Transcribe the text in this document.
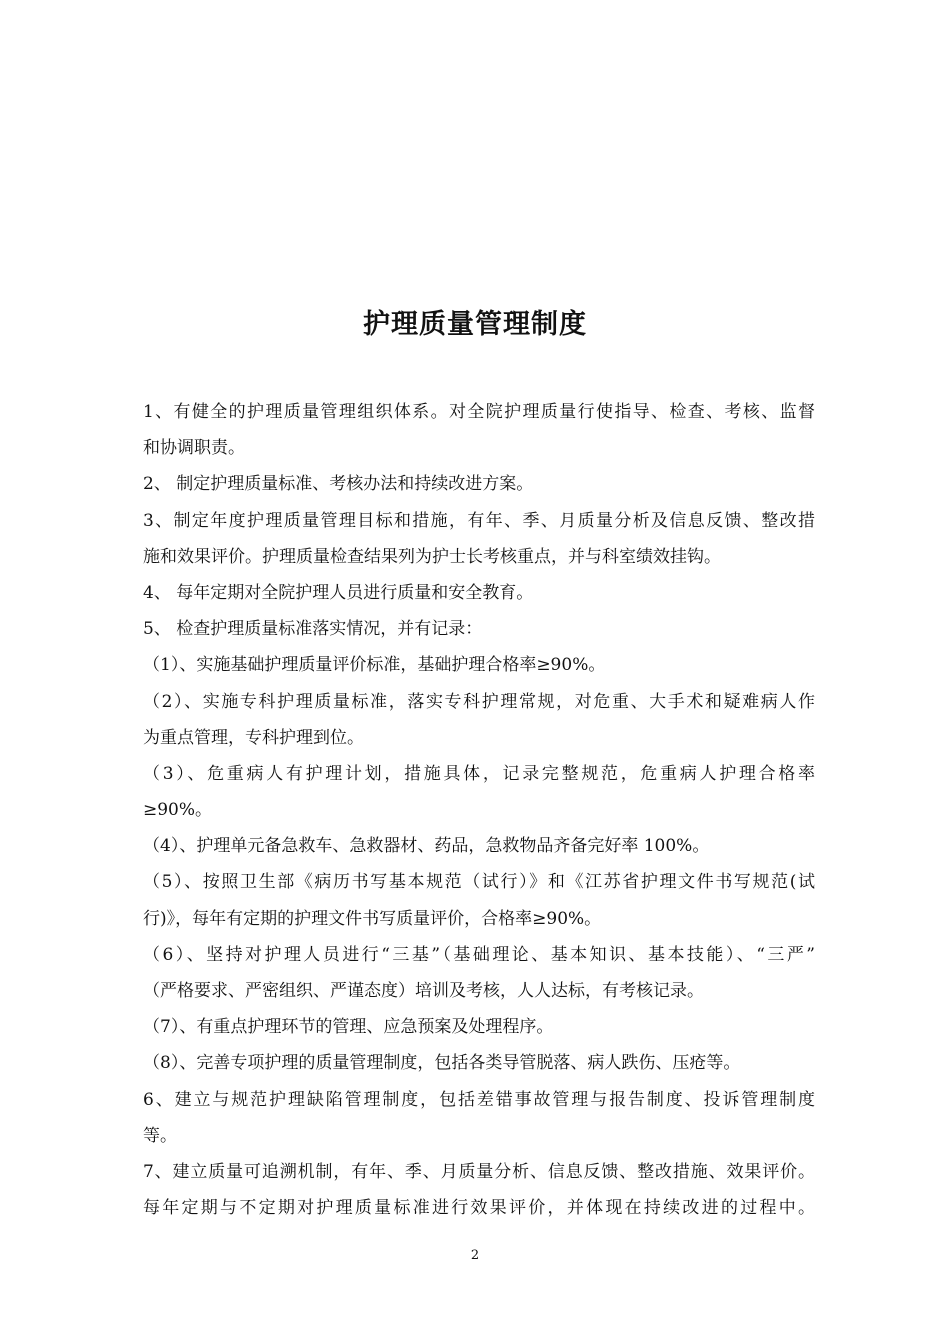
护理质量管理制度
1、有健全的护理质量管理组织体系。对全院护理质量行使指导、检查、考核、监督
和协调职责。
2、 制定护理质量标准、考核办法和持续改进方案。
3、制定年度护理质量管理目标和措施，有年、季、月质量分析及信息反馈、整改措
施和效果评价。护理质量检查结果列为护士长考核重点，并与科室绩效挂钩。
4、 每年定期对全院护理人员进行质量和安全教育。
5、 检查护理质量标准落实情况，并有记录：
（1）、实施基础护理质量评价标准，基础护理合格率≥90%。
（2）、实施专科护理质量标准，落实专科护理常规，对危重、大手术和疑难病人作
为重点管理，专科护理到位。
（3）、危重病人有护理计划，措施具体，记录完整规范，危重病人护理合格率
≥90%。
（4）、护理单元备急救车、急救器材、药品，急救物品齐备完好率 100%。
（5）、按照卫生部《病历书写基本规范（试行）》和《江苏省护理文件书写规范(试
行)》，每年有定期的护理文件书写质量评价，合格率≥90%。
（6）、坚持对护理人员进行“三基”（基础理论、基本知识、基本技能）、“三严”
（严格要求、严密组织、严谨态度）培训及考核，人人达标，有考核记录。
（7）、有重点护理环节的管理、应急预案及处理程序。
（8）、完善专项护理的质量管理制度，包括各类导管脱落、病人跌伤、压疮等。
6、建立与规范护理缺陷管理制度，包括差错事故管理与报告制度、投诉管理制度
等。
7、建立质量可追溯机制，有年、季、月质量分析、信息反馈、整改措施、效果评价。
每年定期与不定期对护理质量标准进行效果评价，并体现在持续改进的过程中。
2
